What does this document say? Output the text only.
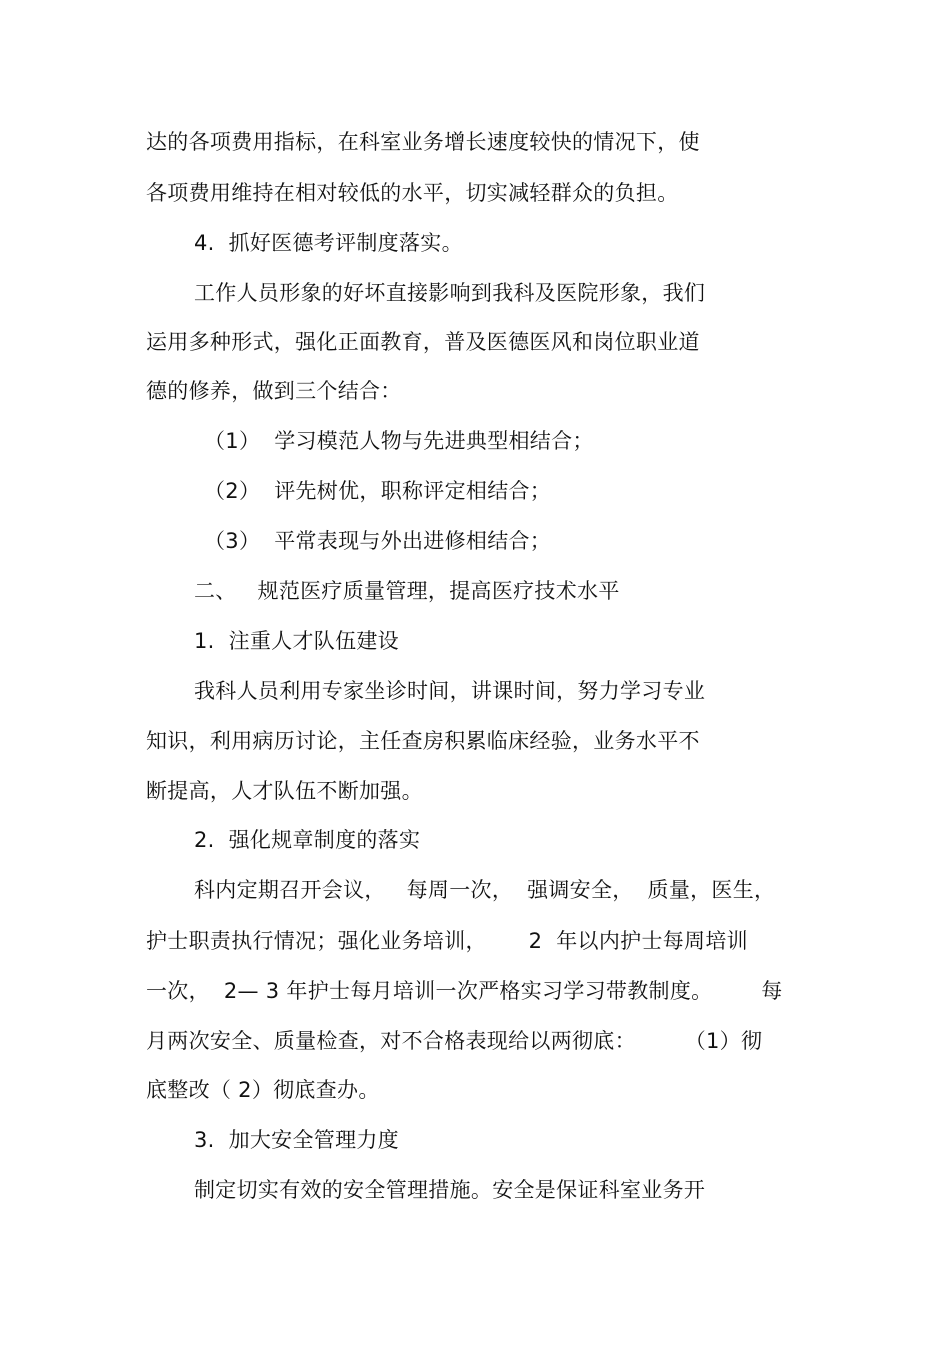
达的各项费用指标，在科室业务增长速度较快的情况下，使
各项费用维持在相对较低的水平，切实减轻群众的负担。
4.  抓好医德考评制度落实。
工作人员形象的好坏直接影响到我科及医院形象，我们
运用多种形式，强化正面教育，普及医德医风和岗位职业道
德的修养，做到三个结合：
（1）  学习模范人物与先进典型相结合；
（2）  评先树优，职称评定相结合；
（3）  平常表现与外出进修相结合；
二、   规范医疗质量管理，提高医疗技术水平
1.  注重人才队伍建设
我科人员利用专家坐诊时间，讲课时间，努力学习专业
知识，利用病历讨论，主任查房积累临床经验，业务水平不
断提高，人才队伍不断加强。
2.  强化规章制度的落实
科内定期召开会议，   每周一次，  强调安全，  质量，医生，
护士职责执行情况；强化业务培训，      2  年以内护士每周培训
一次，  2— 3 年护士每月培训一次严格实习学习带教制度。       每
月两次安全、质量检查，对不合格表现给以两彻底：       （1）彻
底整改（ 2）彻底查办。
3.  加大安全管理力度
制定切实有效的安全管理措施。安全是保证科室业务开
